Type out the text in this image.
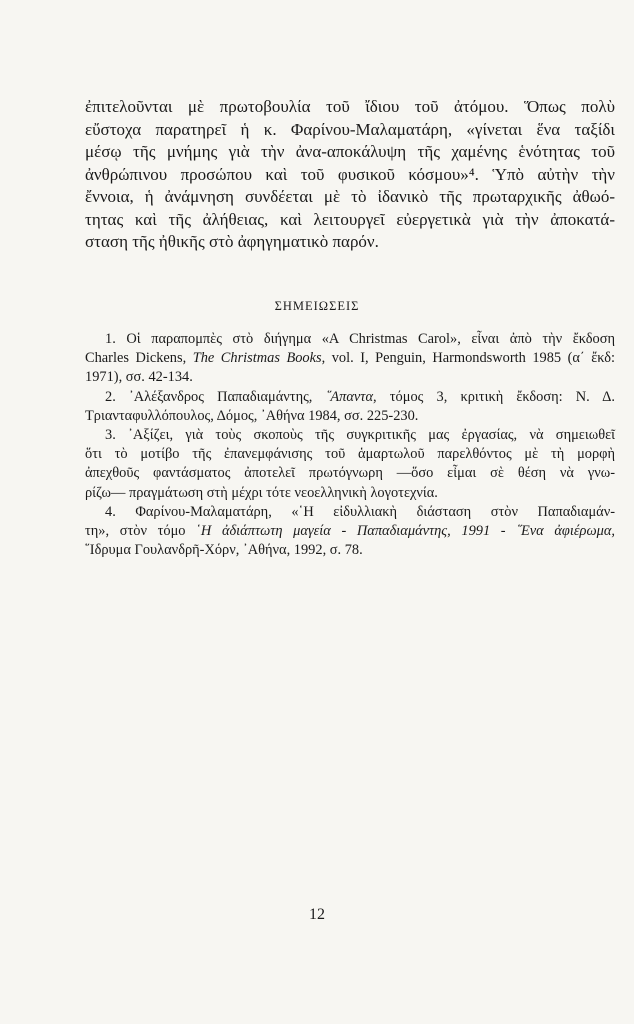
ἐπιτελοῦνται μὲ πρωτοβουλία τοῦ ἴδιου τοῦ ἀτόμου. Ὅπως πολὺ
εὔστοχα παρατηρεῖ ἡ κ. Φαρίνου-Μαλαματάρη, «γίνεται ἕνα ταξίδι
μέσῳ τῆς μνήμης γιὰ τὴν ἀνα-αποκάλυψη τῆς χαμένης ἑνότητας τοῦ
ἀνθρώπινου προσώπου καὶ τοῦ φυσικοῦ κόσμου»⁴. Ὑπὸ αὐτὴν τὴν
ἔννοια, ἡ ἀνάμνηση συνδέεται μὲ τὸ ἰδανικὸ τῆς πρωταρχικῆς ἀθωό-
τητας καὶ τῆς ἀλήθειας, καὶ λειτουργεῖ εὐεργετικὰ γιὰ τὴν ἀποκατά-
σταση τῆς ἠθικῆς στὸ ἀφηγηματικὸ παρόν.
ΣΗΜΕΙΩΣΕΙΣ
1. Οἱ παραπομπὲς στὸ διήγημα «A Christmas Carol», εἶναι ἀπὸ τὴν ἔκδοση
Charles Dickens, The Christmas Books, vol. I, Penguin, Harmondsworth 1985 (α΄ ἔκδ:
1971), σσ. 42-134.
2. ᾿Αλέξανδρος Παπαδιαμάντης, ῞Απαντα, τόμος 3, κριτικὴ ἔκδοση: Ν. Δ.
Τριανταφυλλόπουλος, Δόμος, ᾿Αθήνα 1984, σσ. 225-230.
3. ᾿Αξίζει, γιὰ τοὺς σκοποὺς τῆς συγκριτικῆς μας ἐργασίας, νὰ σημειωθεῖ
ὅτι τὸ μοτίβο τῆς ἐπανεμφάνισης τοῦ ἁμαρτωλοῦ παρελθόντος μὲ τὴ μορφὴ
ἀπεχθοῦς φαντάσματος ἀποτελεῖ πρωτόγνωρη —ὅσο εἶμαι σὲ θέση νὰ γνω-
ρίζω— πραγμάτωση στὴ μέχρι τότε νεοελληνικὴ λογοτεχνία.
4. Φαρίνου-Μαλαματάρη, «῾Η εἰδυλλιακὴ διάσταση στὸν Παπαδιαμάν-
τη», στὸν τόμο ῾Η ἀδιάπτωτη μαγεία - Παπαδιαμάντης, 1991 - ῞Ενα ἀφιέρωμα,
῞Ιδρυμα Γουλανδρῆ-Χόρν, ᾿Αθήνα, 1992, σ. 78.
12
